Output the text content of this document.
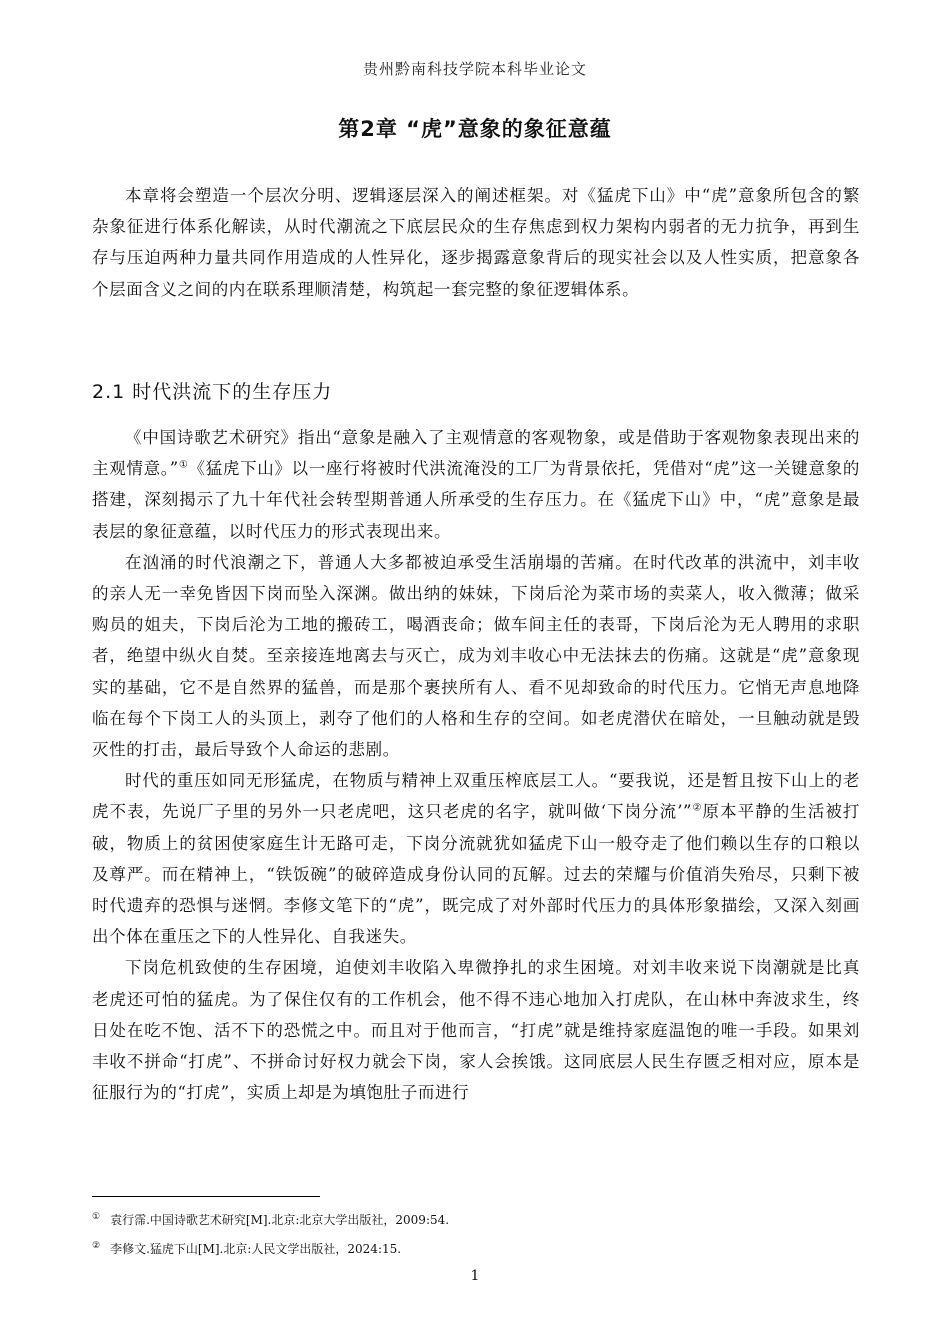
贵州黔南科技学院本科毕业论文
第2章 “虎”意象的象征意蕴

本章将会塑造一个层次分明、逻辑逐层深入的阐述框架。对《猛虎下山》中“虎”意象所包含的繁杂象征进行体系化解读，从时代潮流之下底层民众的生存焦虑到权力架构内弱者的无力抗争，再到生存与压迫两种力量共同作用造成的人性异化，逐步揭露意象背后的现实社会以及人性实质，把意象各个层面含义之间的内在联系理顺清楚，构筑起一套完整的象征逻辑体系。

2.1 时代洪流下的生存压力

《中国诗歌艺术研究》指出“意象是融入了主观情意的客观物象，或是借助于客观物象表现出来的主观情意。”①《猛虎下山》以一座行将被时代洪流淹没的工厂为背景依托，凭借对“虎”这一关键意象的搭建，深刻揭示了九十年代社会转型期普通人所承受的生存压力。在《猛虎下山》中，“虎”意象是最表层的象征意蕴，以时代压力的形式表现出来。

在汹涌的时代浪潮之下，普通人大多都被迫承受生活崩塌的苦痛。在时代改革的洪流中，刘丰收的亲人无一幸免皆因下岗而坠入深渊。做出纳的妹妹，下岗后沦为菜市场的卖菜人，收入微薄；做采购员的姐夫，下岗后沦为工地的搬砖工，喝酒丧命；做车间主任的表哥，下岗后沦为无人聘用的求职者，绝望中纵火自焚。至亲接连地离去与灭亡，成为刘丰收心中无法抹去的伤痛。这就是“虎”意象现实的基础，它不是自然界的猛兽，而是那个裹挟所有人、看不见却致命的时代压力。它悄无声息地降临在每个下岗工人的头顶上，剥夺了他们的人格和生存的空间。如老虎潜伏在暗处，一旦触动就是毁灭性的打击，最后导致个人命运的悲剧。

时代的重压如同无形猛虎，在物质与精神上双重压榨底层工人。“要我说，还是暂且按下山上的老虎不表，先说厂子里的另外一只老虎吧，这只老虎的名字，就叫做‘下岗分流’”②原本平静的生活被打破，物质上的贫困使家庭生计无路可走，下岗分流就犹如猛虎下山一般夺走了他们赖以生存的口粮以及尊严。而在精神上，“铁饭碗”的破碎造成身份认同的瓦解。过去的荣耀与价值消失殆尽，只剩下被时代遗弃的恐惧与迷惘。李修文笔下的“虎”，既完成了对外部时代压力的具体形象描绘，又深入刻画出个体在重压之下的人性异化、自我迷失。

下岗危机致使的生存困境，迫使刘丰收陷入卑微挣扎的求生困境。对刘丰收来说下岗潮就是比真老虎还可怕的猛虎。为了保住仅有的工作机会，他不得不违心地加入打虎队，在山林中奔波求生，终日处在吃不饱、活不下的恐慌之中。而且对于他而言，“打虎”就是维持家庭温饱的唯一手段。如果刘丰收不拼命“打虎”、不拼命讨好权力就会下岗，家人会挨饿。这同底层人民生存匮乏相对应，原本是征服行为的“打虎”，实质上却是为填饱肚子而进行

① 袁行霈.中国诗歌艺术研究[M].北京:北京大学出版社，2009:54.
② 李修文.猛虎下山[M].北京:人民文学出版社，2024:15.
1
